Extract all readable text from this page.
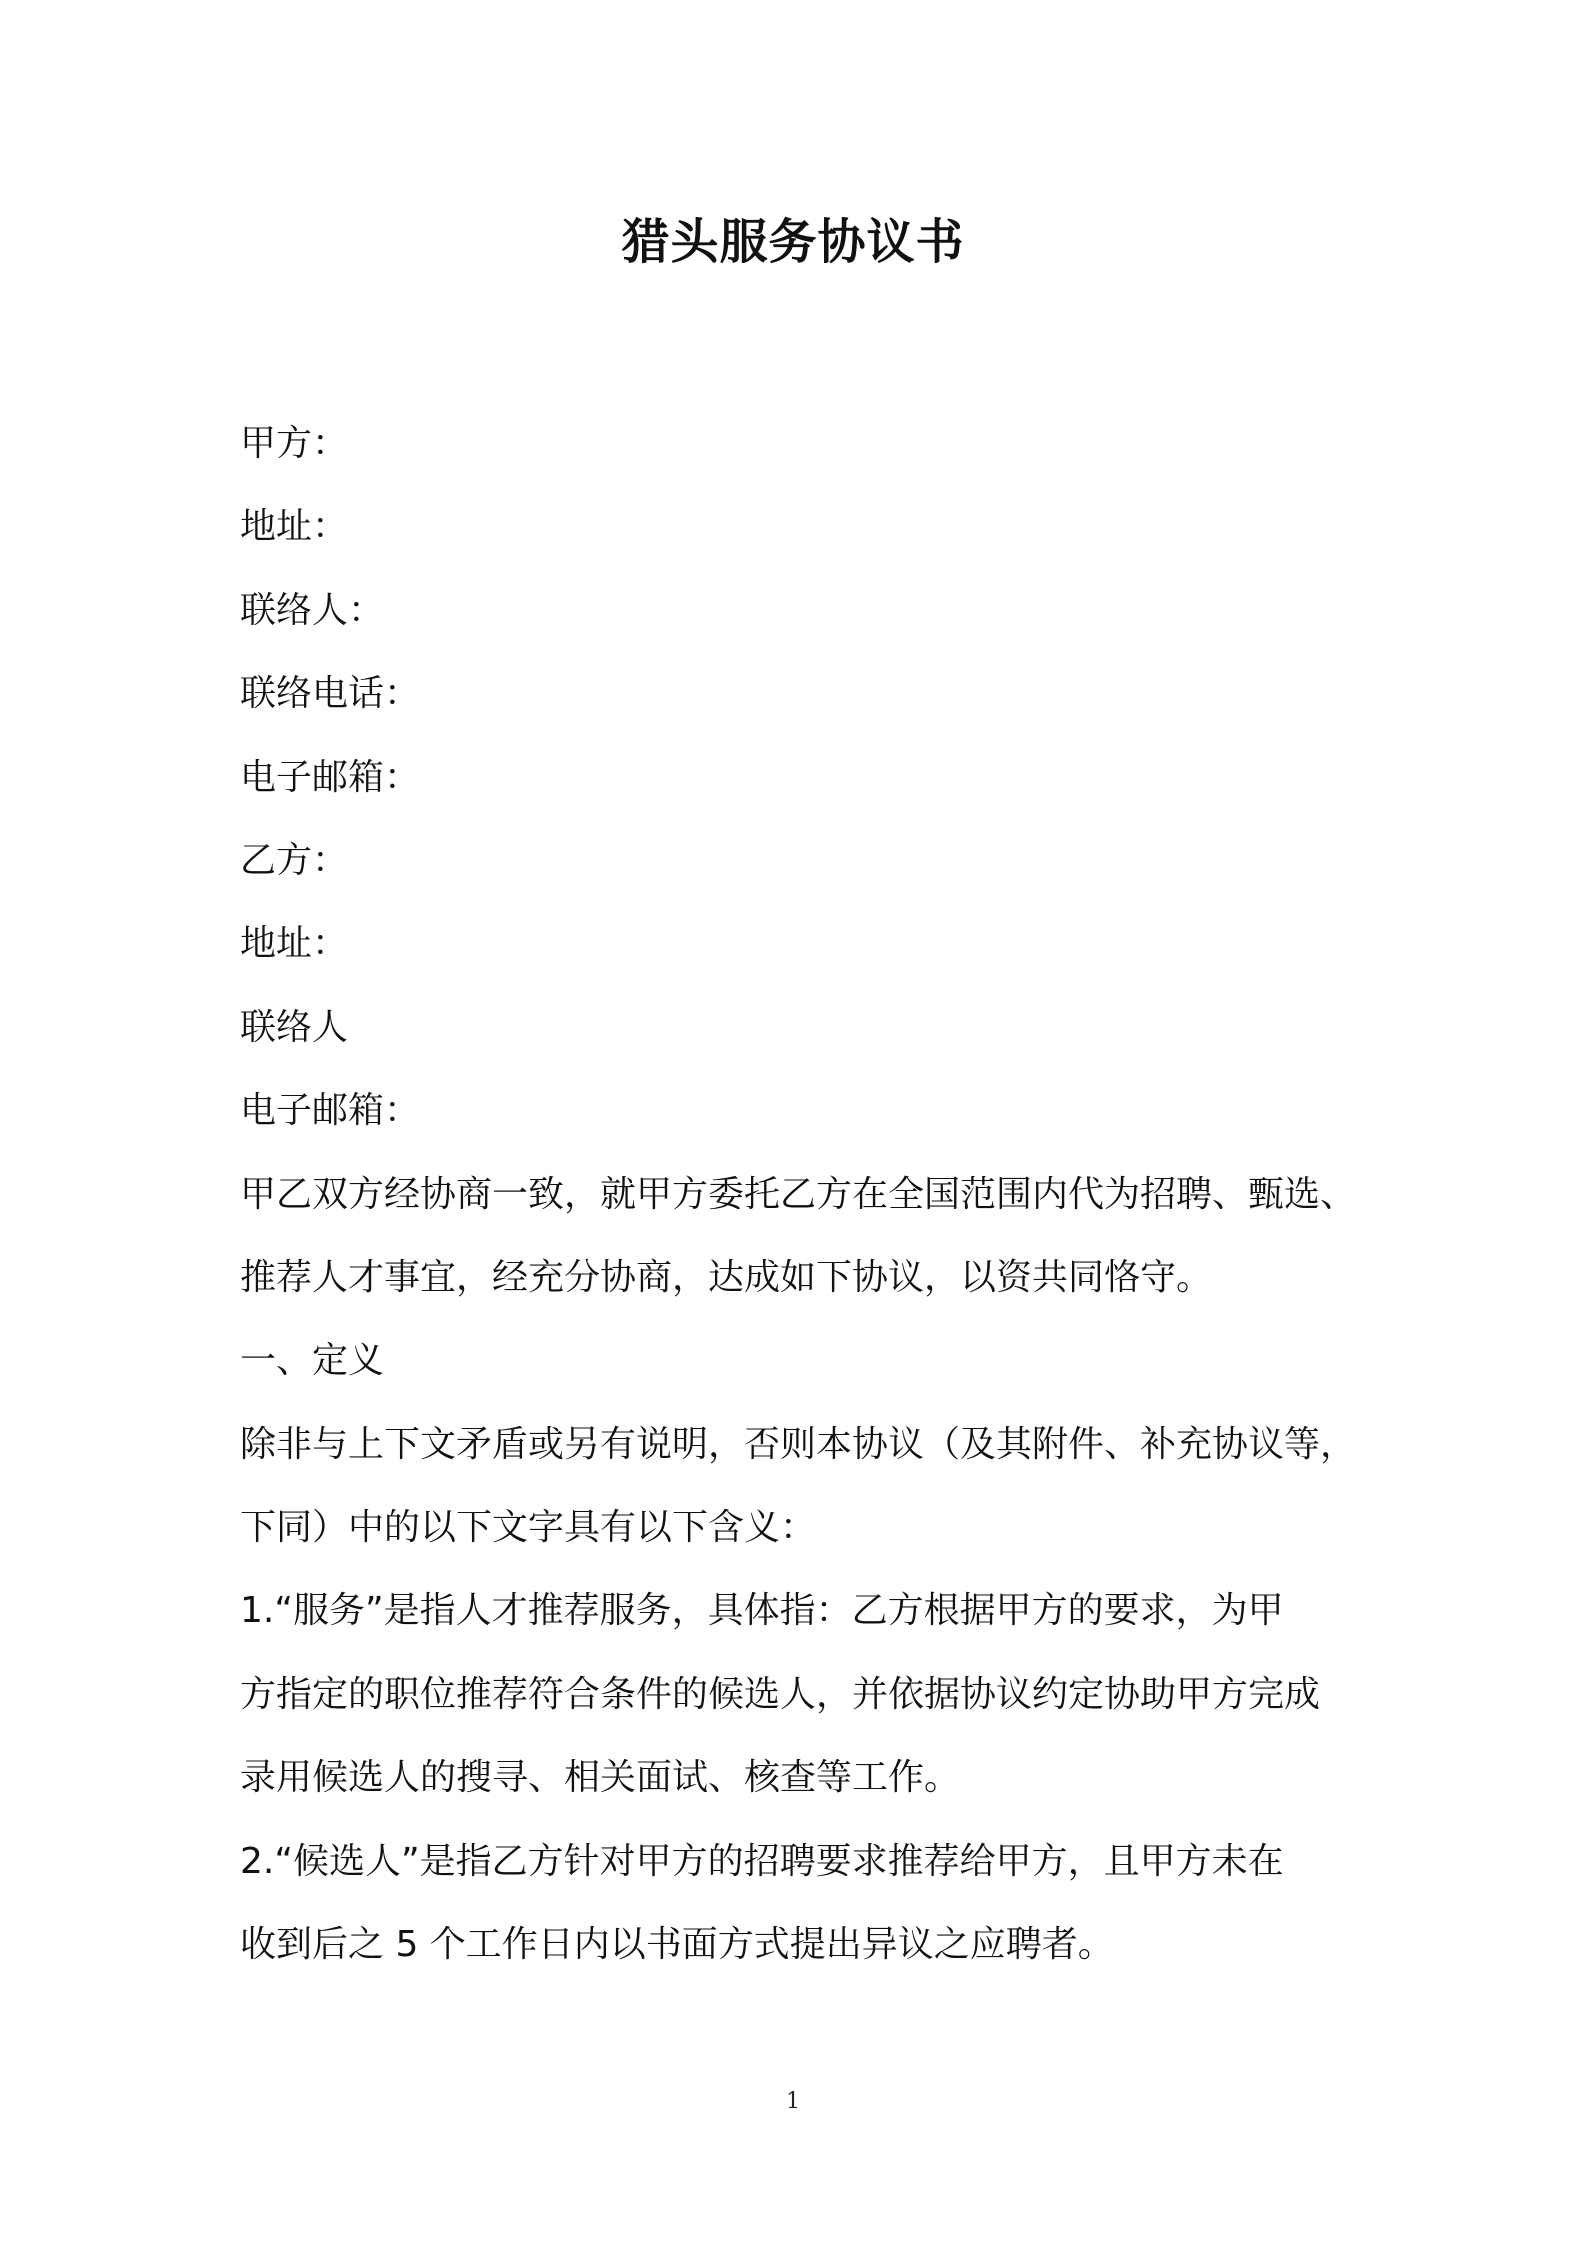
猎头服务协议书

甲方：

地址：

联络人：

联络电话：

电子邮箱：

乙方：

地址：

联络人

电子邮箱：

甲乙双方经协商一致，就甲方委托乙方在全国范围内代为招聘、甄选、

推荐人才事宜，经充分协商，达成如下协议，以资共同恪守。

一、定义

除非与上下文矛盾或另有说明，否则本协议（及其附件、补充协议等，

下同）中的以下文字具有以下含义：

1.“服务”是指人才推荐服务，具体指：乙方根据甲方的要求，为甲

方指定的职位推荐符合条件的候选人，并依据协议约定协助甲方完成

录用候选人的搜寻、相关面试、核查等工作。

2.“候选人”是指乙方针对甲方的招聘要求推荐给甲方，且甲方未在

收到后之 5 个工作日内以书面方式提出异议之应聘者。

1
